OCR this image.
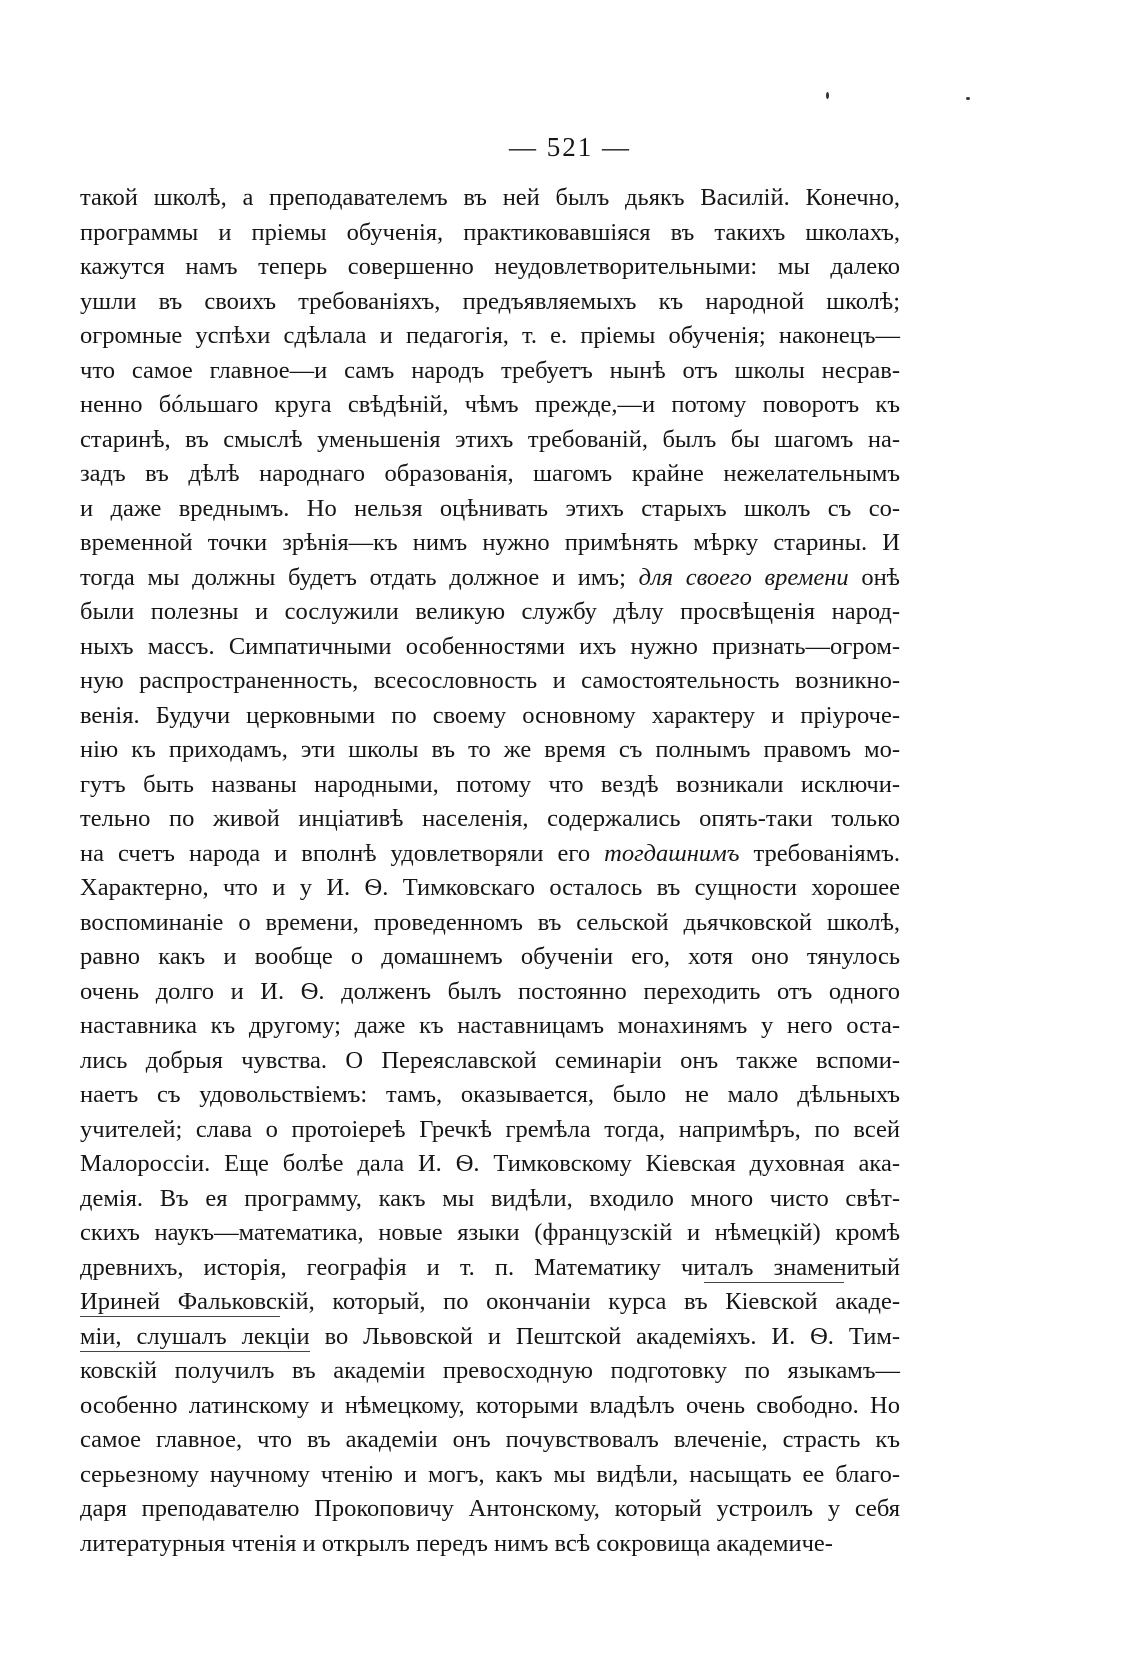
— 521 —
такой школѣ, а преподавателемъ въ ней былъ дьякъ Василій. Конечно,
программы и пріемы обученія, практиковавшіяся въ такихъ школахъ,
кажутся намъ теперь совершенно неудовлетворительными: мы далеко
ушли въ своихъ требованіяхъ, предъявляемыхъ къ народной школѣ;
огромные успѣхи сдѣлала и педагогія, т. е. пріемы обученія; наконецъ—
что самое главное—и самъ народъ требуетъ нынѣ отъ школы несрав-
ненно бóльшаго круга свѣдѣній, чѣмъ прежде,—и потому поворотъ къ
старинѣ, въ смыслѣ уменьшенія этихъ требованій, былъ бы шагомъ на-
задъ въ дѣлѣ народнаго образованія, шагомъ крайне нежелательнымъ
и даже вреднымъ. Но нельзя оцѣнивать этихъ старыхъ школъ съ со-
временной точки зрѣнія—къ нимъ нужно примѣнять мѣрку старины. И
тогда мы должны будетъ отдать должное и имъ; для своего времени онѣ
были полезны и сослужили великую службу дѣлу просвѣщенія народ-
ныхъ массъ. Симпатичными особенностями ихъ нужно признать—огром-
ную распространенность, всесословность и самостоятельность возникно-
венія. Будучи церковными по своему основному характеру и пріуроче-
нію къ приходамъ, эти школы въ то же время съ полнымъ правомъ мо-
гутъ быть названы народными, потому что вездѣ возникали исключи-
тельно по живой инціативѣ населенія, содержались опять-таки только
на счетъ народа и вполнѣ удовлетворяли его тогдашнимъ требованіямъ.
Характерно, что и у И. Ѳ. Тимковскаго осталось въ сущности хорошее
воспоминаніе о времени, проведенномъ въ сельской дьячковской школѣ,
равно какъ и вообще о домашнемъ обученіи его, хотя оно тянулось
очень долго и И. Ѳ. долженъ былъ постоянно переходить отъ одного
наставника къ другому; даже къ наставницамъ монахинямъ у него оста-
лись добрыя чувства. О Переяславской семинаріи онъ также вспоми-
наетъ съ удовольствіемъ: тамъ, оказывается, было не мало дѣльныхъ
учителей; слава о протоіереѣ Гречкѣ гремѣла тогда, напримѣръ, по всей
Малороссіи. Еще болѣе дала И. Ѳ. Тимковскому Кіевская духовная ака-
демія. Въ ея программу, какъ мы видѣли, входило много чисто свѣт-
скихъ наукъ—математика, новые языки (французскій и нѣмецкій) кромѣ
древнихъ, исторія, географія и т. п. Математику читалъ знаменитый
Ириней Фальковскій, который, по окончаніи курса въ Кіевской акаде-
міи, слушалъ лекціи во Львовской и Пештской академіяхъ. И. Ѳ. Тим-
ковскій получилъ въ академіи превосходную подготовку по языкамъ—
особенно латинскому и нѣмецкому, которыми владѣлъ очень свободно. Но
самое главное, что въ академіи онъ почувствовалъ влеченіе, страсть къ
серьезному научному чтенію и могъ, какъ мы видѣли, насыщать ее благо-
даря преподавателю Прокоповичу Антонскому, который устроилъ у себя
литературныя чтенія и открылъ передъ нимъ всѣ сокровища академиче-
